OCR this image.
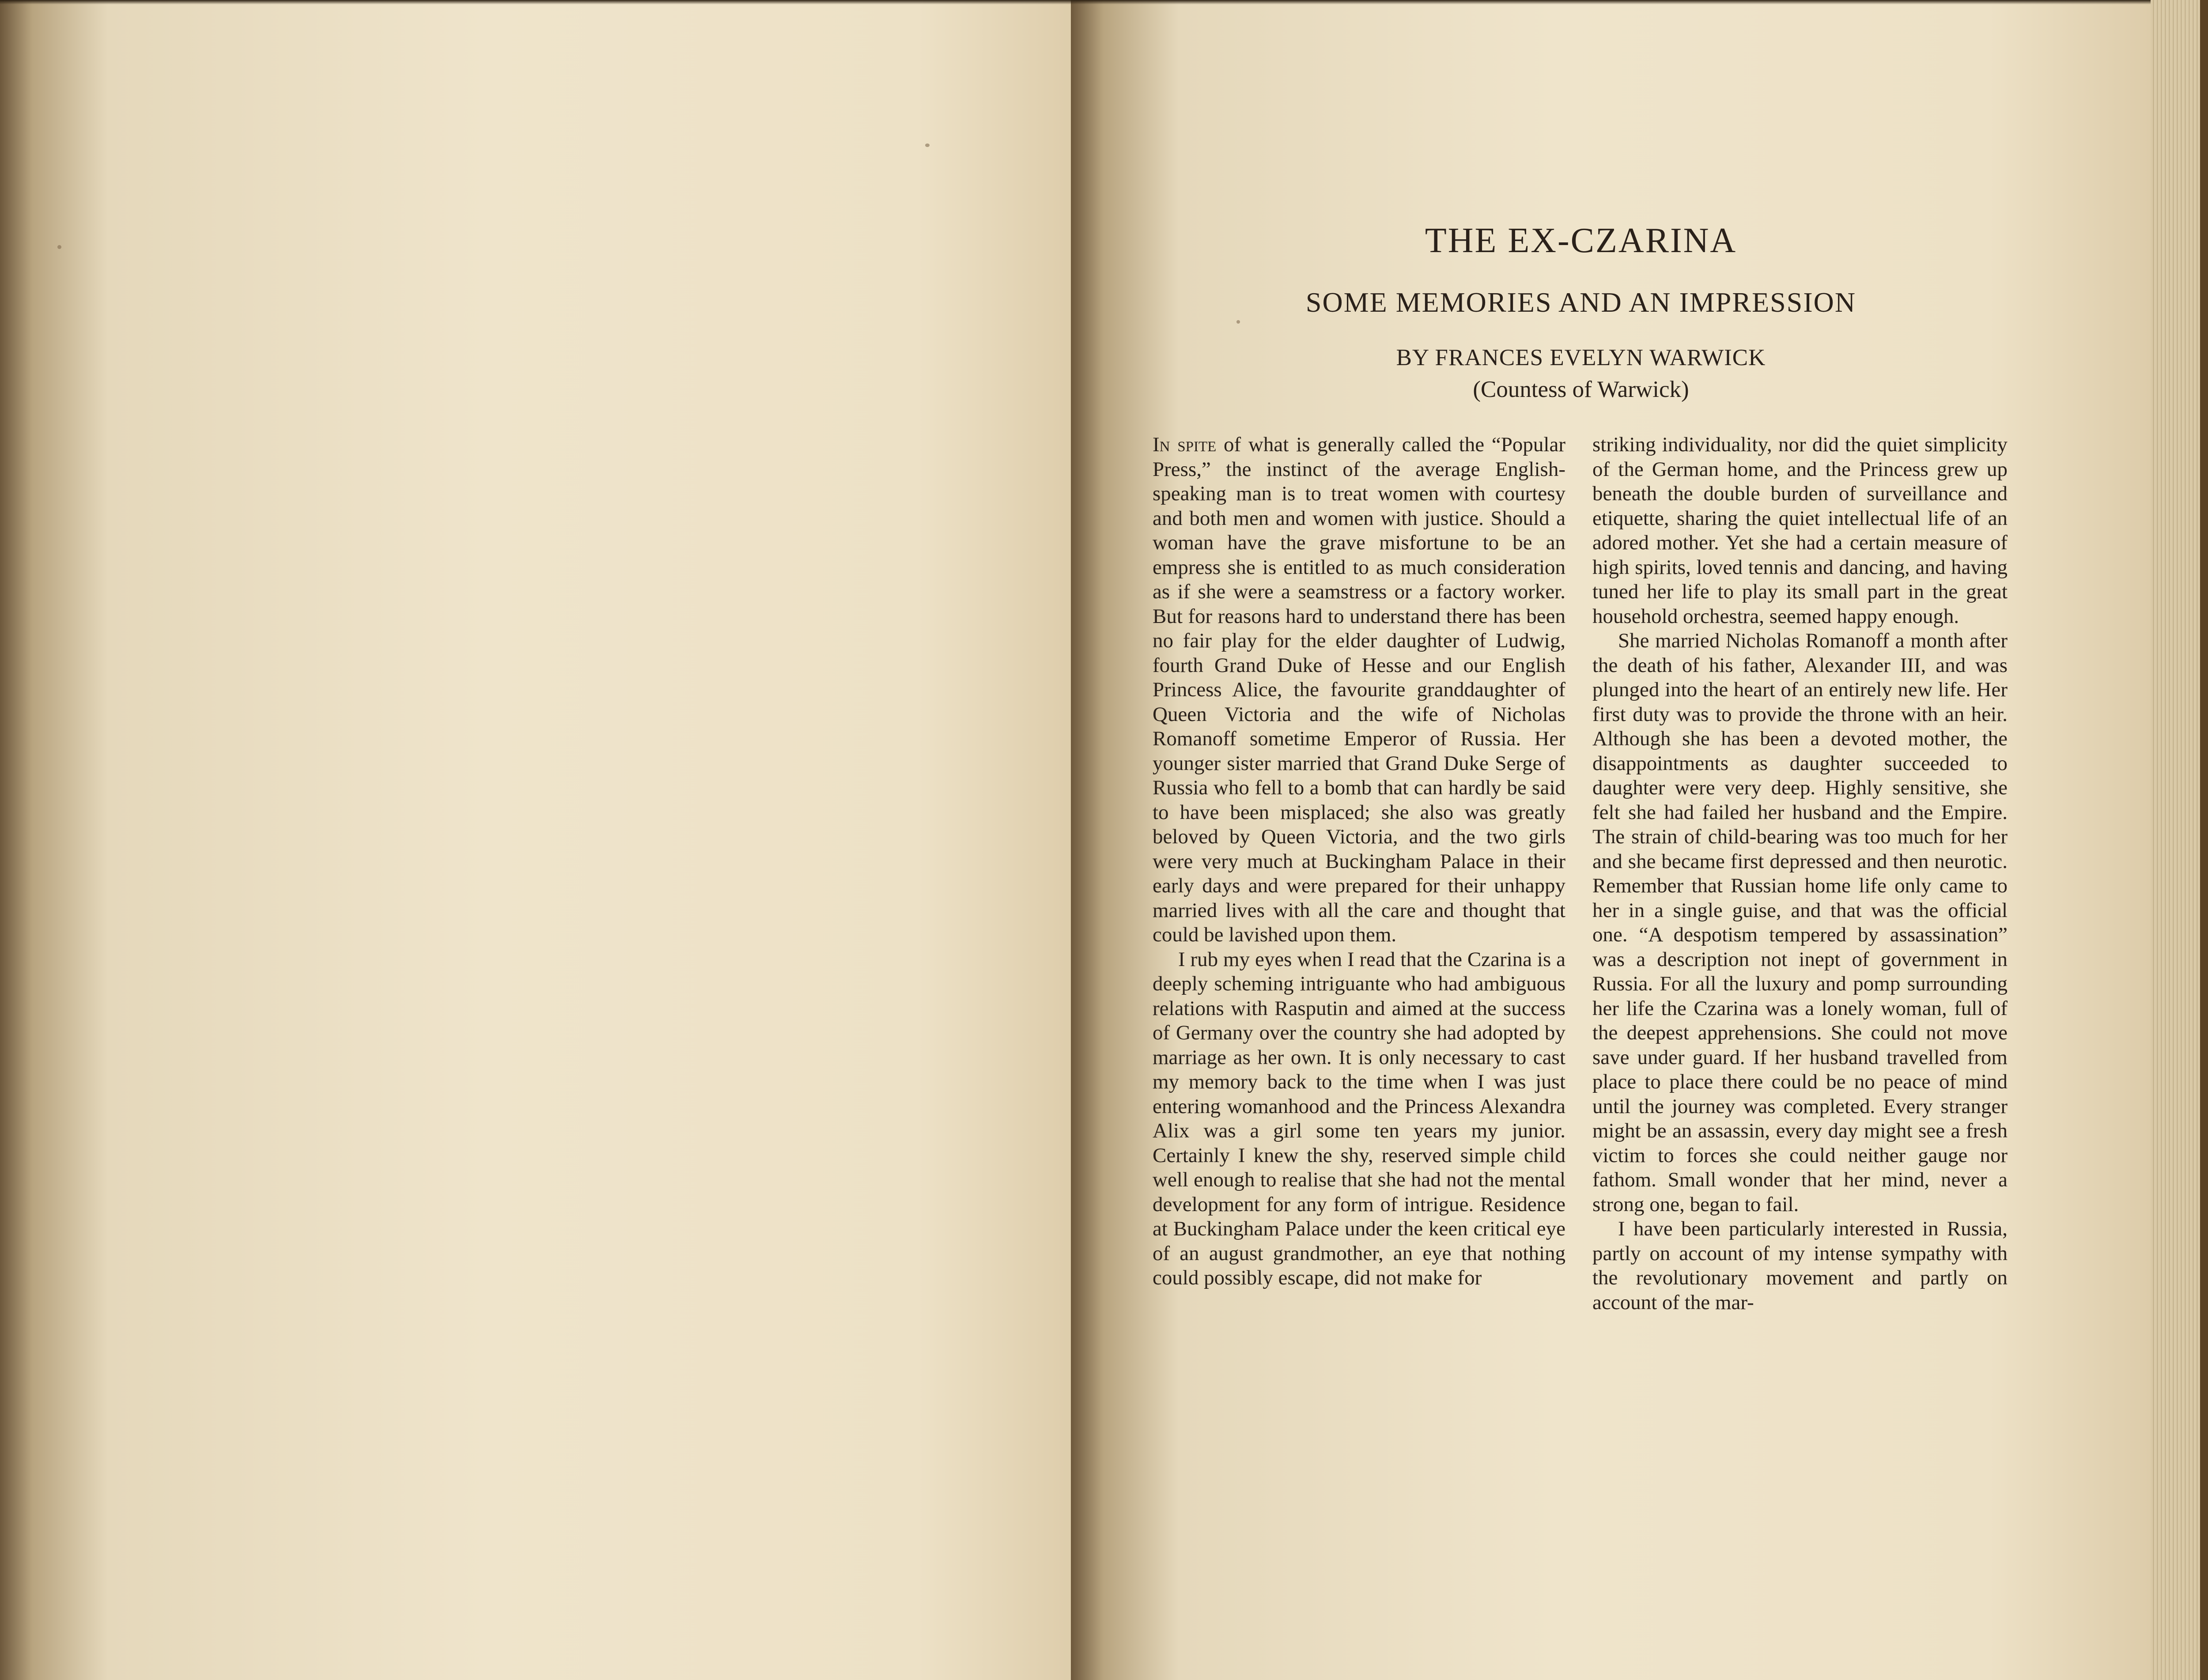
THE EX-CZARINA
SOME MEMORIES AND AN IMPRESSION
BY FRANCES EVELYN WARWICK
(Countess of Warwick)

In spite of what is generally called the “Popular Press,” the instinct of the average English-speaking man is to treat women with courtesy and both men and women with justice. Should a woman have the grave misfortune to be an empress she is entitled to as much consideration as if she were a seamstress or a factory worker. But for reasons hard to understand there has been no fair play for the elder daughter of Ludwig, fourth Grand Duke of Hesse and our English Princess Alice, the favourite granddaughter of Queen Victoria and the wife of Nicholas Romanoff sometime Emperor of Russia. Her younger sister married that Grand Duke Serge of Russia who fell to a bomb that can hardly be said to have been misplaced; she also was greatly beloved by Queen Victoria, and the two girls were very much at Buckingham Palace in their early days and were prepared for their unhappy married lives with all the care and thought that could be lavished upon them.

I rub my eyes when I read that the Czarina is a deeply scheming intriguante who had ambiguous relations with Rasputin and aimed at the success of Germany over the country she had adopted by marriage as her own. It is only necessary to cast my memory back to the time when I was just entering womanhood and the Princess Alexandra Alix was a girl some ten years my junior. Certainly I knew the shy, reserved simple child well enough to realise that she had not the mental development for any form of intrigue. Residence at Buckingham Palace under the keen critical eye of an august grandmother, an eye that nothing could possibly escape, did not make for

striking individuality, nor did the quiet simplicity of the German home, and the Princess grew up beneath the double burden of surveillance and etiquette, sharing the quiet intellectual life of an adored mother. Yet she had a certain measure of high spirits, loved tennis and dancing, and having tuned her life to play its small part in the great household orchestra, seemed happy enough.

She married Nicholas Romanoff a month after the death of his father, Alexander III, and was plunged into the heart of an entirely new life. Her first duty was to provide the throne with an heir. Although she has been a devoted mother, the disappointments as daughter succeeded to daughter were very deep. Highly sensitive, she felt she had failed her husband and the Empire. The strain of child-bearing was too much for her and she became first depressed and then neurotic. Remember that Russian home life only came to her in a single guise, and that was the official one. “A despotism tempered by assassination” was a description not inept of government in Russia. For all the luxury and pomp surrounding her life the Czarina was a lonely woman, full of the deepest apprehensions. She could not move save under guard. If her husband travelled from place to place there could be no peace of mind until the journey was completed. Every stranger might be an assassin, every day might see a fresh victim to forces she could neither gauge nor fathom. Small wonder that her mind, never a strong one, began to fail.

I have been particularly interested in Russia, partly on account of my intense sympathy with the revolutionary movement and partly on account of the mar-
